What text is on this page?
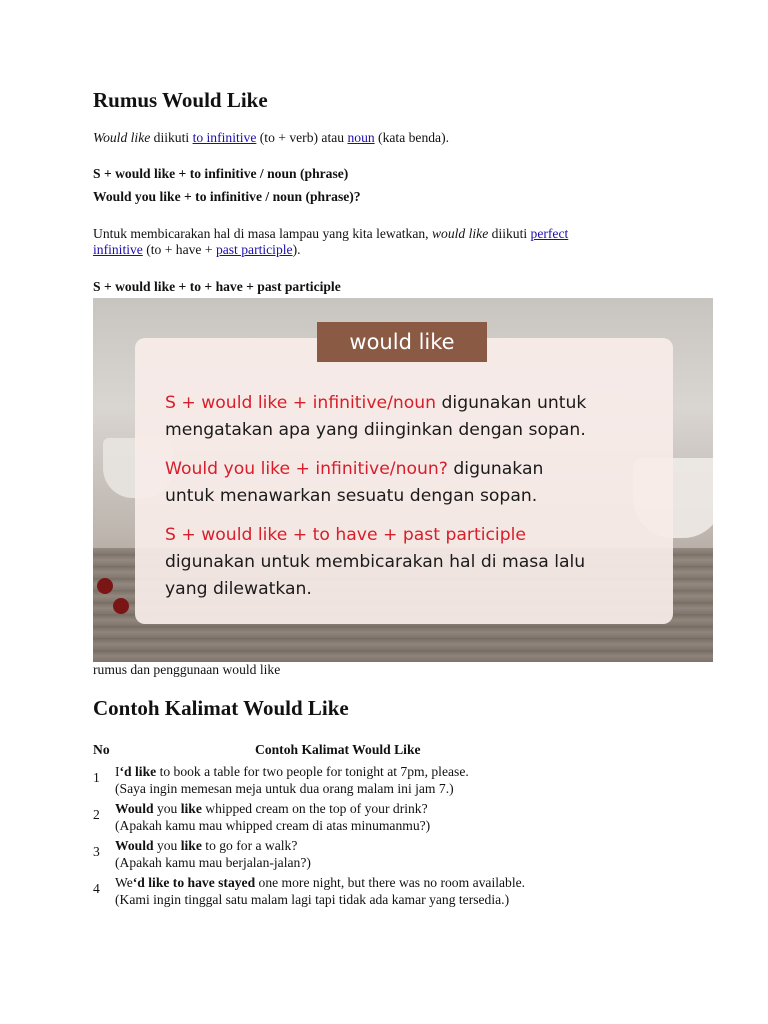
Rumus Would Like
Would like diikuti to infinitive (to + verb) atau noun (kata benda).
S + would like + to infinitive / noun (phrase)
Would you like + to infinitive / noun (phrase)?
Untuk membicarakan hal di masa lampau yang kita lewatkan, would like diikuti perfect
infinitive (to + have + past participle).
S + would like + to + have + past participle
would like
S + would like + infinitive/noun digunakan untuk
mengatakan apa yang diinginkan dengan sopan.
Would you like + infinitive/noun? digunakan
untuk menawarkan sesuatu dengan sopan.
S + would like + to have + past participle
digunakan untuk membicarakan hal di masa lalu
yang dilewatkan.
rumus dan penggunaan would like
Contoh Kalimat Would Like
No	Contoh Kalimat Would Like
1 I‘d like to book a table for two people for tonight at 7pm, please.
(Saya ingin memesan meja untuk dua orang malam ini jam 7.)
2 Would you like whipped cream on the top of your drink?
(Apakah kamu mau whipped cream di atas minumanmu?)
3 Would you like to go for a walk?
(Apakah kamu mau berjalan-jalan?)
4 We‘d like to have stayed one more night, but there was no room available.
(Kami ingin tinggal satu malam lagi tapi tidak ada kamar yang tersedia.)
